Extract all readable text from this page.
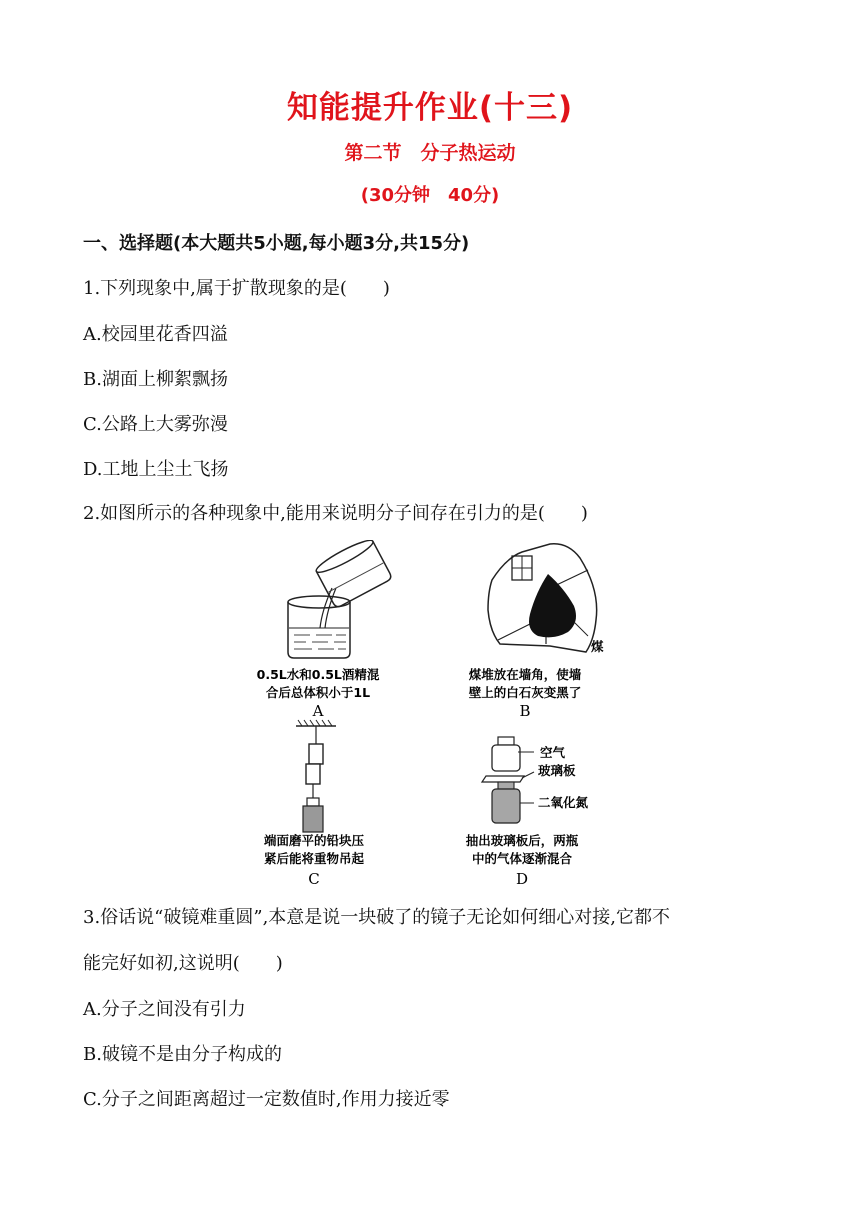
知能提升作业(十三)
第二节　分子热运动
(30分钟　40分)
一、选择题(本大题共5小题,每小题3分,共15分)
1.下列现象中,属于扩散现象的是(　　)
A.校园里花香四溢
B.湖面上柳絮飘扬
C.公路上大雾弥漫
D.工地上尘土飞扬
2.如图所示的各种现象中,能用来说明分子间存在引力的是(　　)
0.5L水和0.5L酒精混
合后总体积小于1L
A
煤
煤堆放在墙角，使墙
壁上的白石灰变黑了
B
端面磨平的铅块压
紧后能将重物吊起
C
空气
玻璃板
二氧化氮
抽出玻璃板后，两瓶
中的气体逐渐混合
D
3.俗话说“破镜难重圆”,本意是说一块破了的镜子无论如何细心对接,它都不
能完好如初,这说明(　　)
A.分子之间没有引力
B.破镜不是由分子构成的
C.分子之间距离超过一定数值时,作用力接近零
